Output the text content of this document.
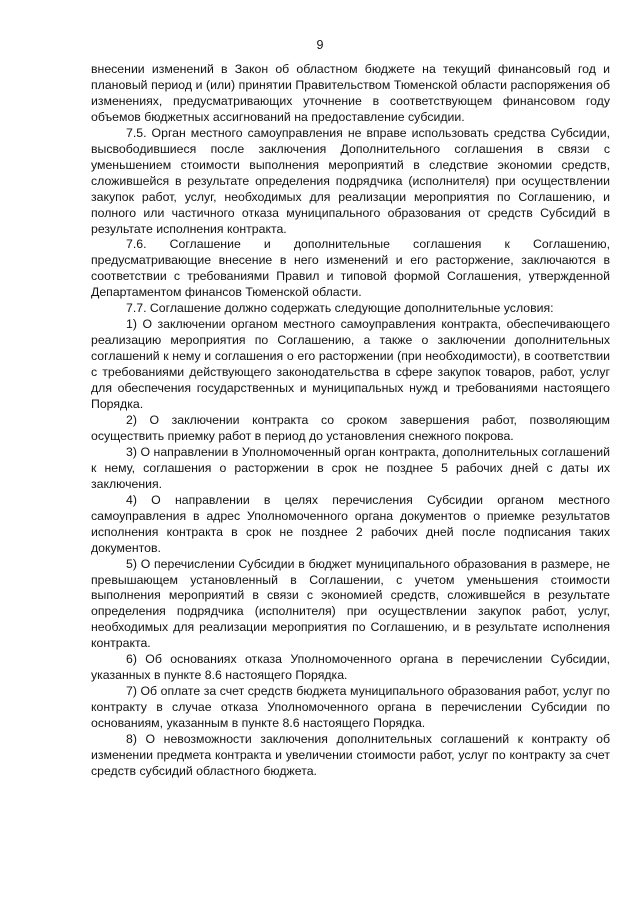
9

внесении изменений в Закон об областном бюджете на текущий финансовый год и плановый период и (или) принятии Правительством Тюменской области распоряжения об изменениях, предусматривающих уточнение в соответствующем финансовом году объемов бюджетных ассигнований на предоставление субсидии.

7.5. Орган местного самоуправления не вправе использовать средства Субсидии, высвободившиеся после заключения Дополнительного соглашения в связи с уменьшением стоимости выполнения мероприятий в следствие экономии средств, сложившейся в результате определения подрядчика (исполнителя) при осуществлении закупок работ, услуг, необходимых для реализации мероприятия по Соглашению, и полного или частичного отказа муниципального образования от средств Субсидий в результате исполнения контракта.

7.6. Соглашение и дополнительные соглашения к Соглашению, предусматривающие внесение в него изменений и его расторжение, заключаются в соответствии с требованиями Правил и типовой формой Соглашения, утвержденной Департаментом финансов Тюменской области.

7.7. Соглашение должно содержать следующие дополнительные условия:

1) О заключении органом местного самоуправления контракта, обеспечивающего реализацию мероприятия по Соглашению, а также о заключении дополнительных соглашений к нему и соглашения о его расторжении (при необходимости), в соответствии с требованиями действующего законодательства в сфере закупок товаров, работ, услуг для обеспечения государственных и муниципальных нужд и требованиями настоящего Порядка.

2) О заключении контракта со сроком завершения работ, позволяющим осуществить приемку работ в период до установления снежного покрова.

3) О направлении в Уполномоченный орган контракта, дополнительных соглашений к нему, соглашения о расторжении в срок не позднее 5 рабочих дней с даты их заключения.

4) О направлении в целях перечисления Субсидии органом местного самоуправления в адрес Уполномоченного органа документов о приемке результатов исполнения контракта в срок не позднее 2 рабочих дней после подписания таких документов.

5) О перечислении Субсидии в бюджет муниципального образования в размере, не превышающем установленный в Соглашении, с учетом уменьшения стоимости выполнения мероприятий в связи с экономией средств, сложившейся в результате определения подрядчика (исполнителя) при осуществлении закупок работ, услуг, необходимых для реализации мероприятия по Соглашению, и в результате исполнения контракта.

6) Об основаниях отказа Уполномоченного органа в перечислении Субсидии, указанных в пункте 8.6 настоящего Порядка.

7) Об оплате за счет средств бюджета муниципального образования работ, услуг по контракту в случае отказа Уполномоченного органа в перечислении Субсидии по основаниям, указанным в пункте 8.6 настоящего Порядка.

8) О невозможности заключения дополнительных соглашений к контракту об изменении предмета контракта и увеличении стоимости работ, услуг по контракту за счет средств субсидий областного бюджета.
